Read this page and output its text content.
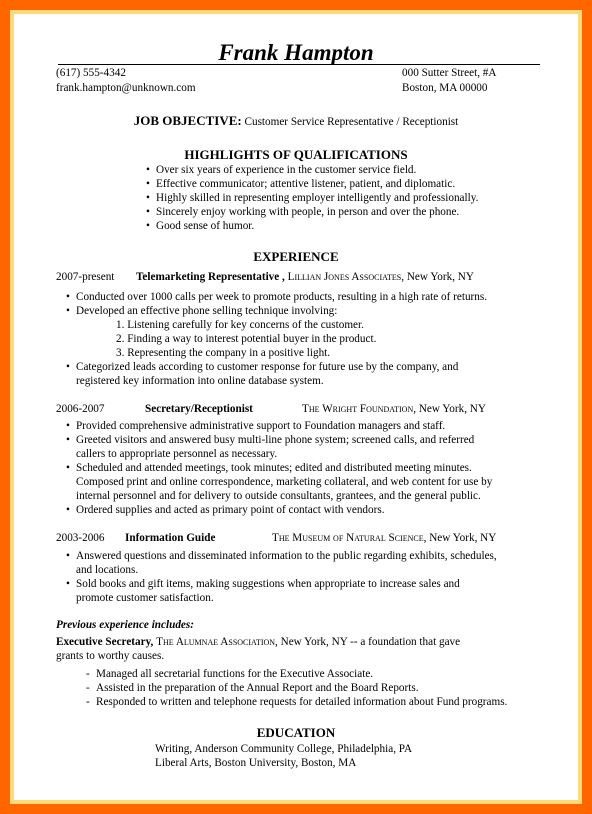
Frank Hampton
(617) 555-4342
frank.hampton@unknown.com
000 Sutter Street, #A
Boston, MA 00000
JOB OBJECTIVE: Customer Service Representative / Receptionist
HIGHLIGHTS OF QUALIFICATIONS
• Over six years of experience in the customer service field.
• Effective communicator; attentive listener, patient, and diplomatic.
• Highly skilled in representing employer intelligently and professionally.
• Sincerely enjoy working with people, in person and over the phone.
• Good sense of humor.
EXPERIENCE
2007-present Telemarketing Representative , Lillian Jones Associates, New York, NY
• Conducted over 1000 calls per week to promote products, resulting in a high rate of returns.
• Developed an effective phone selling technique involving:
1. Listening carefully for key concerns of the customer.
2. Finding a way to interest potential buyer in the product.
3. Representing the company in a positive light.
• Categorized leads according to customer response for future use by the company, and
registered key information into online database system.
2006-2007	Secretary/Receptionist	The Wright Foundation, New York, NY
• Provided comprehensive administrative support to Foundation managers and staff.
• Greeted visitors and answered busy multi-line phone system; screened calls, and referred
callers to appropriate personnel as necessary.
• Scheduled and attended meetings, took minutes; edited and distributed meeting minutes.
Composed print and online correspondence, marketing collateral, and web content for use by
internal personnel and for delivery to outside consultants, grantees, and the general public.
• Ordered supplies and acted as primary point of contact with vendors.
2003-2006 Information Guide	The Museum of Natural Science, New York, NY
• Answered questions and disseminated information to the public regarding exhibits, schedules,
and locations.
• Sold books and gift items, making suggestions when appropriate to increase sales and
promote customer satisfaction.
Previous experience includes:
Executive Secretary, The Alumnae Association, New York, NY -- a foundation that gave
grants to worthy causes.
- Managed all secretarial functions for the Executive Associate.
- Assisted in the preparation of the Annual Report and the Board Reports.
- Responded to written and telephone requests for detailed information about Fund programs.
EDUCATION
Writing, Anderson Community College, Philadelphia, PA
Liberal Arts, Boston University, Boston, MA
